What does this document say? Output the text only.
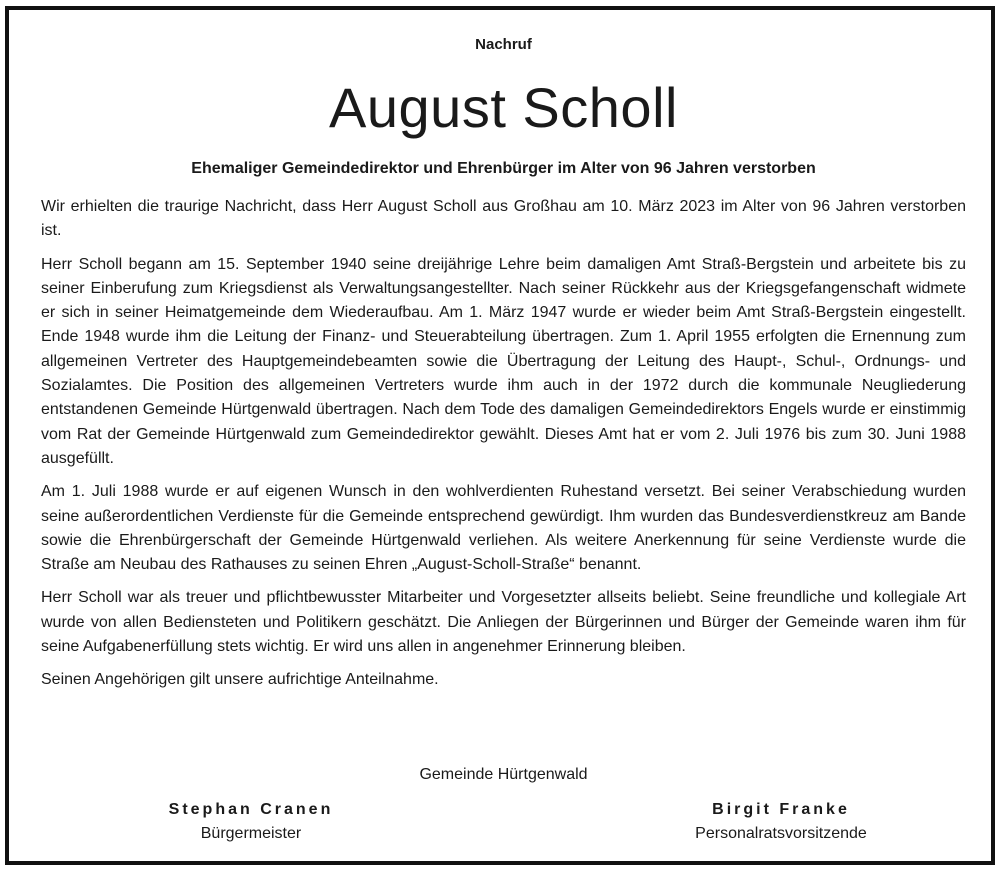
Nachruf
August Scholl
Ehemaliger Gemeindedirektor und Ehrenbürger im Alter von 96 Jahren verstorben

Wir erhielten die traurige Nachricht, dass Herr August Scholl aus Großhau am 10. März 2023 im Alter von 96 Jahren verstorben ist.

Herr Scholl begann am 15. September 1940 seine dreijährige Lehre beim damaligen Amt Straß-Bergstein und arbeitete bis zu seiner Einberufung zum Kriegsdienst als Verwaltungsangestellter. Nach seiner Rückkehr aus der Kriegsgefangenschaft widmete er sich in seiner Heimatgemeinde dem Wiederaufbau. Am 1. März 1947 wurde er wieder beim Amt Straß-Bergstein eingestellt. Ende 1948 wurde ihm die Leitung der Finanz- und Steuerabteilung übertragen. Zum 1. April 1955 erfolgten die Ernennung zum allgemeinen Vertreter des Hauptgemeindebeamten sowie die Übertragung der Leitung des Haupt-, Schul-, Ordnungs- und Sozialamtes. Die Position des allgemeinen Vertreters wurde ihm auch in der 1972 durch die kommunale Neugliederung entstandenen Gemeinde Hürtgenwald übertragen. Nach dem Tode des damaligen Gemeindedirektors Engels wurde er einstimmig vom Rat der Gemeinde Hürtgenwald zum Gemeindedirektor gewählt. Dieses Amt hat er vom 2. Juli 1976 bis zum 30. Juni 1988 ausgefüllt.

Am 1. Juli 1988 wurde er auf eigenen Wunsch in den wohlverdienten Ruhestand versetzt. Bei seiner Verabschiedung wurden seine außerordentlichen Verdienste für die Gemeinde entsprechend gewürdigt. Ihm wurden das Bundesverdienstkreuz am Bande sowie die Ehrenbürgerschaft der Gemeinde Hürtgenwald verliehen. Als weitere Anerkennung für seine Verdienste wurde die Straße am Neubau des Rathauses zu seinen Ehren „August-Scholl-Straße“ benannt.

Herr Scholl war als treuer und pflichtbewusster Mitarbeiter und Vorgesetzter allseits beliebt. Seine freundliche und kollegiale Art wurde von allen Bediensteten und Politikern geschätzt. Die Anliegen der Bürgerinnen und Bürger der Gemeinde waren ihm für seine Aufgabenerfüllung stets wichtig. Er wird uns allen in angenehmer Erinnerung bleiben.

Seinen Angehörigen gilt unsere aufrichtige Anteilnahme.

Gemeinde Hürtgenwald
Stephan Cranen
Bürgermeister
Birgit Franke
Personalratsvorsitzende
